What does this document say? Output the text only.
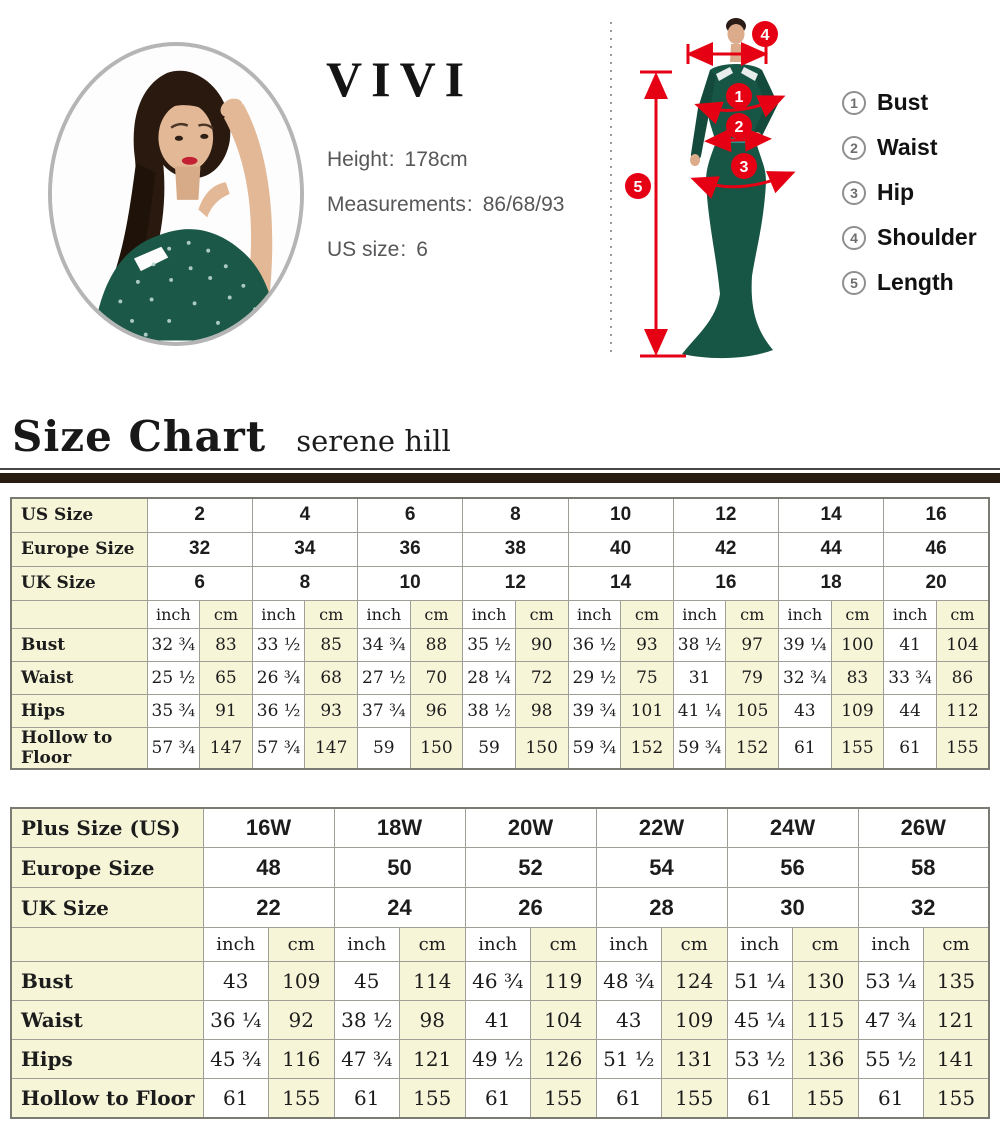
VIVI
Height: 178cm
Measurements: 86/68/93
US size: 6
1
2
3
4
5
1 Bust
2 Waist
3 Hip
4 Shoulder
5 Length
Size Chart serene hill
US Size	2		4		6		8		10		12		14		16	
Europe Size	32		34		36		38		40		42		44		46	
UK Size	6		8		10		12		14		16		18		20	
	inch	cm	inch	cm	inch	cm	inch	cm	inch	cm	inch	cm	inch	cm	inch	cm
Bust	32 ¾	83	33 ½	85	34 ¾	88	35 ½	90	36 ½	93	38 ½	97	39 ¼	100	41	104
Waist	25 ½	65	26 ¾	68	27 ½	70	28 ¼	72	29 ½	75	31	79	32 ¾	83	33 ¾	86
Hips	35 ¾	91	36 ½	93	37 ¾	96	38 ½	98	39 ¾	101	41 ¼	105	43	109	44	112
Hollow to Floor	57 ¾	147	57 ¾	147	59	150	59	150	59 ¾	152	59 ¾	152	61	155	61	155
Plus Size (US)	16W		18W		20W		22W		24W		26W	
Europe Size	48		50		52		54		56		58	
UK Size	22		24		26		28		30		32	
	inch	cm	inch	cm	inch	cm	inch	cm	inch	cm	inch	cm
Bust	43	109	45	114	46 ¾	119	48 ¾	124	51 ¼	130	53 ¼	135
Waist	36 ¼	92	38 ½	98	41	104	43	109	45 ¼	115	47 ¾	121
Hips	45 ¾	116	47 ¾	121	49 ½	126	51 ½	131	53 ½	136	55 ½	141
Hollow to Floor	61	155	61	155	61	155	61	155	61	155	61	155
